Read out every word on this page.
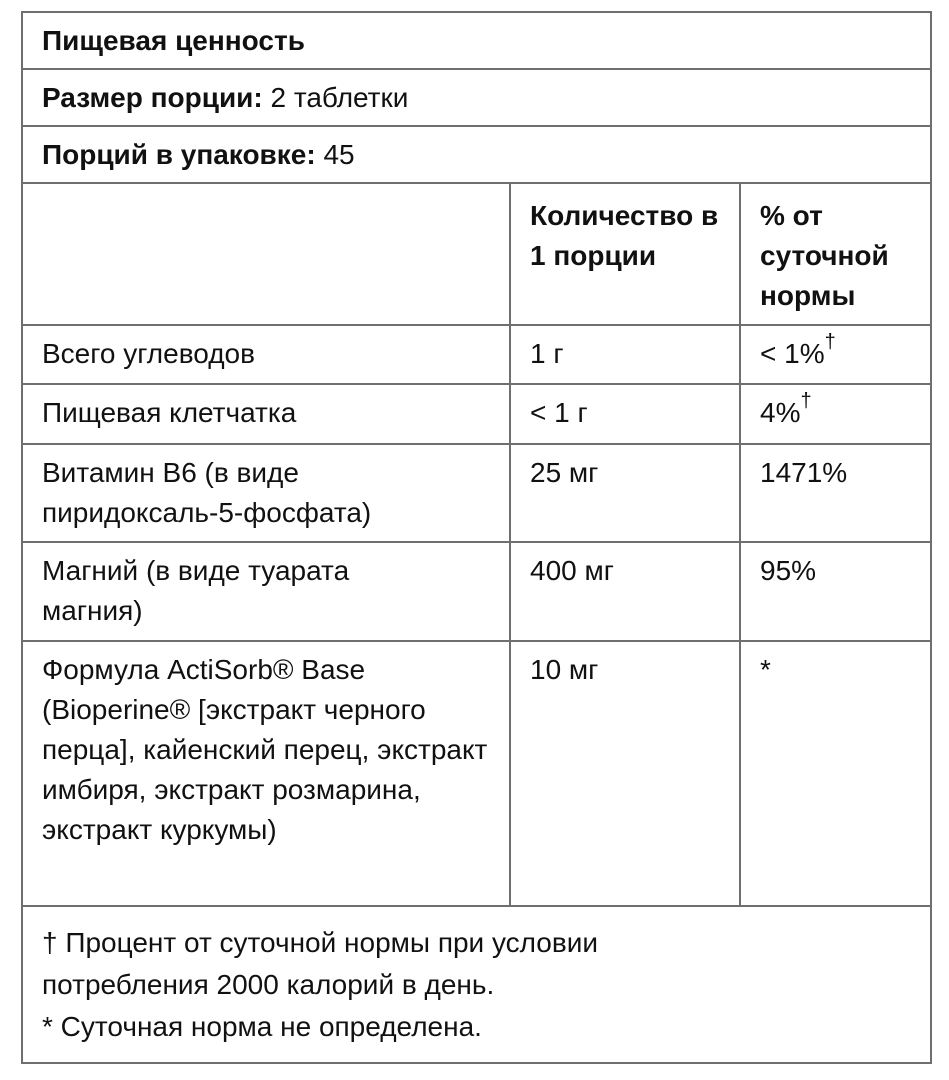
Пищевая ценность
Размер порции:
2 таблетки
Порций в упаковке:
45
	Количество в 1 порции	% от суточной нормы
Всего углеводов	1 г	< 1%†
Пищевая клетчатка	< 1 г	4%†
Витамин B6 (в виде пиридоксаль-5-фосфата)	25 мг	1471%
Магний (в виде туарата магния)	400 мг	95%
Формула ActiSorb® Base (Bioperine® [экстракт черного перца], кайенский перец, экстракт имбиря, экстракт розмарина, экстракт куркумы)	10 мг	*
† Процент от суточной нормы при условии
потребления 2000 калорий в день.
* Суточная норма не определена.
